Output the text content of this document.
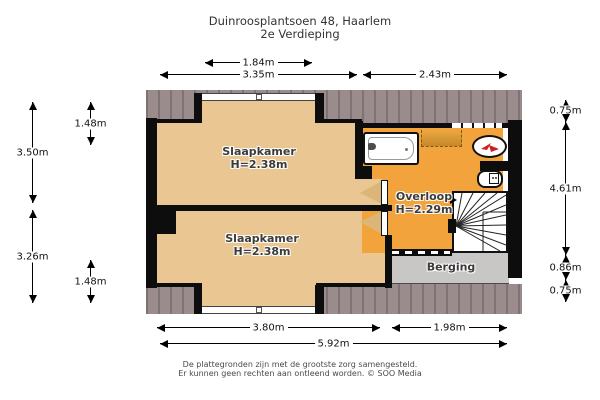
Duinroosplantsoen 48, Haarlem
2e Verdieping
Slaapkamer
H=2.38m
Slaapkamer
H=2.38m
Overloop
H=2.29m
Berging
1.84m
3.35m	2.43m
3.80m	1.98m
5.92m
3.50m
1.48m
3.26m
1.48m
0.75m
4.61m
0.86m
0.75m
De plattegronden zijn met de grootste zorg samengesteld.
Er kunnen geen rechten aan ontleend worden. © SOO Media
